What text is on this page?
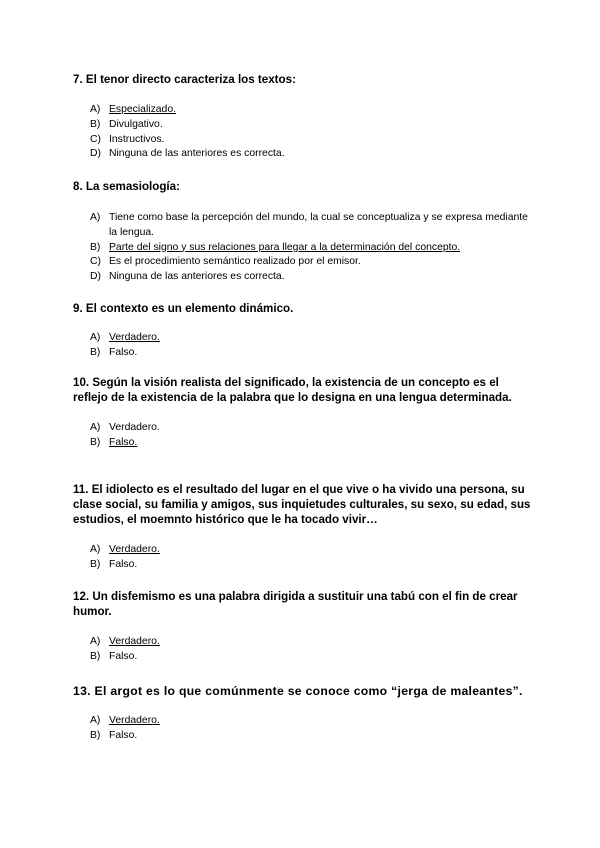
7. El tenor directo caracteriza los textos:

A) Especializado.
B) Divulgativo.
C) Instructivos.
D) Ninguna de las anteriores es correcta.

8. La semasiología:

A) Tiene como base la percepción del mundo, la cual se conceptualiza y se expresa mediante la lengua.
B) Parte del signo y sus relaciones para llegar a la determinación del concepto.
C) Es el procedimiento semántico realizado por el emisor.
D) Ninguna de las anteriores es correcta.

9. El contexto es un elemento dinámico.

A) Verdadero.
B) Falso.

10. Según la visión realista del significado, la existencia de un concepto es el reflejo de la existencia de la palabra que lo designa en una lengua determinada.

A) Verdadero.
B) Falso.

11. El idiolecto es el resultado del lugar en el que vive o ha vivido una persona, su clase social, su familia y amigos, sus inquietudes culturales, su sexo, su edad, sus estudios, el moemnto histórico que le ha tocado vivir…

A) Verdadero.
B) Falso.

12. Un disfemismo es una palabra dirigida a sustituir una tabú con el fin de crear humor.

A) Verdadero.
B) Falso.

13. El argot es lo que comúnmente se conoce como “jerga de maleantes”.

A) Verdadero.
B) Falso.
